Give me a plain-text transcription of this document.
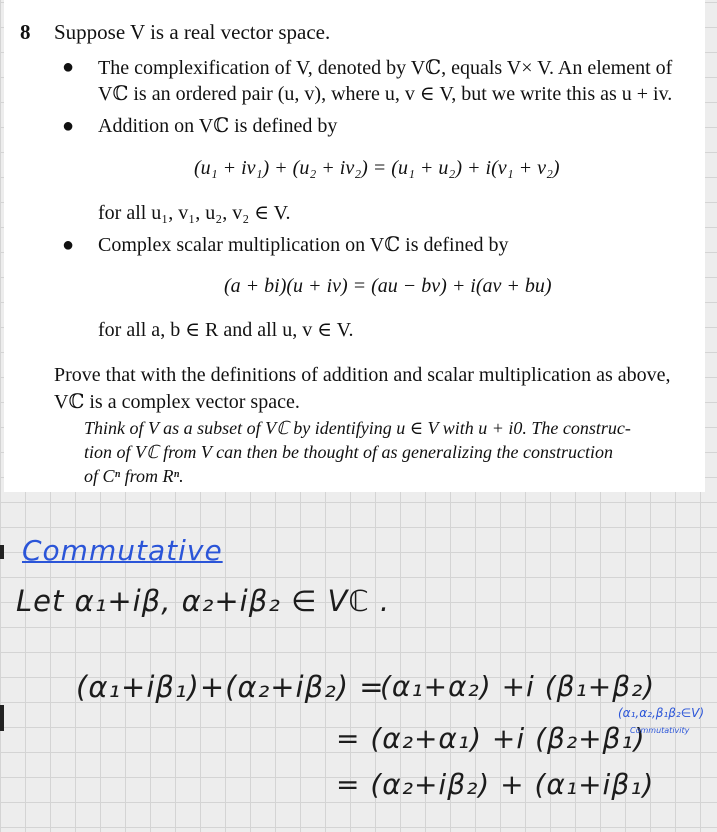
8 Suppose V is a real vector space.
● The complexification of V, denoted by Vℂ, equals V× V. An element of
Vℂ is an ordered pair (u, v), where u, v ∈ V, but we write this as u + iv.
● Addition on Vℂ is defined by
(u₁ + iv₁) + (u₂ + iv₂) = (u₁ + u₂) + i(v₁ + v₂)
for all u₁, v₁, u₂, v₂ ∈ V.
● Complex scalar multiplication on Vℂ is defined by
(a + bi)(u + iv) = (au − bv) + i(av + bu)
for all a, b ∈ R and all u, v ∈ V.
Prove that with the definitions of addition and scalar multiplication as above,
Vℂ is a complex vector space.
Think of V as a subset of Vℂ by identifying u ∈ V with u + i0. The construc-
tion of Vℂ from V can then be thought of as generalizing the construction
of Cⁿ from Rⁿ.
Commutative
Let α₁+iβ, α₂+iβ₂ ∈ Vℂ .
(α₁+iβ₁)+(α₂+iβ₂) =
(α₁+α₂) +i (β₁+β₂)
= (α₂+α₁) +i (β₂+β₁)
= (α₂+iβ₂) + (α₁+iβ₁)
(α₁,α₂,β₁β₂∈V)
Commutativity
